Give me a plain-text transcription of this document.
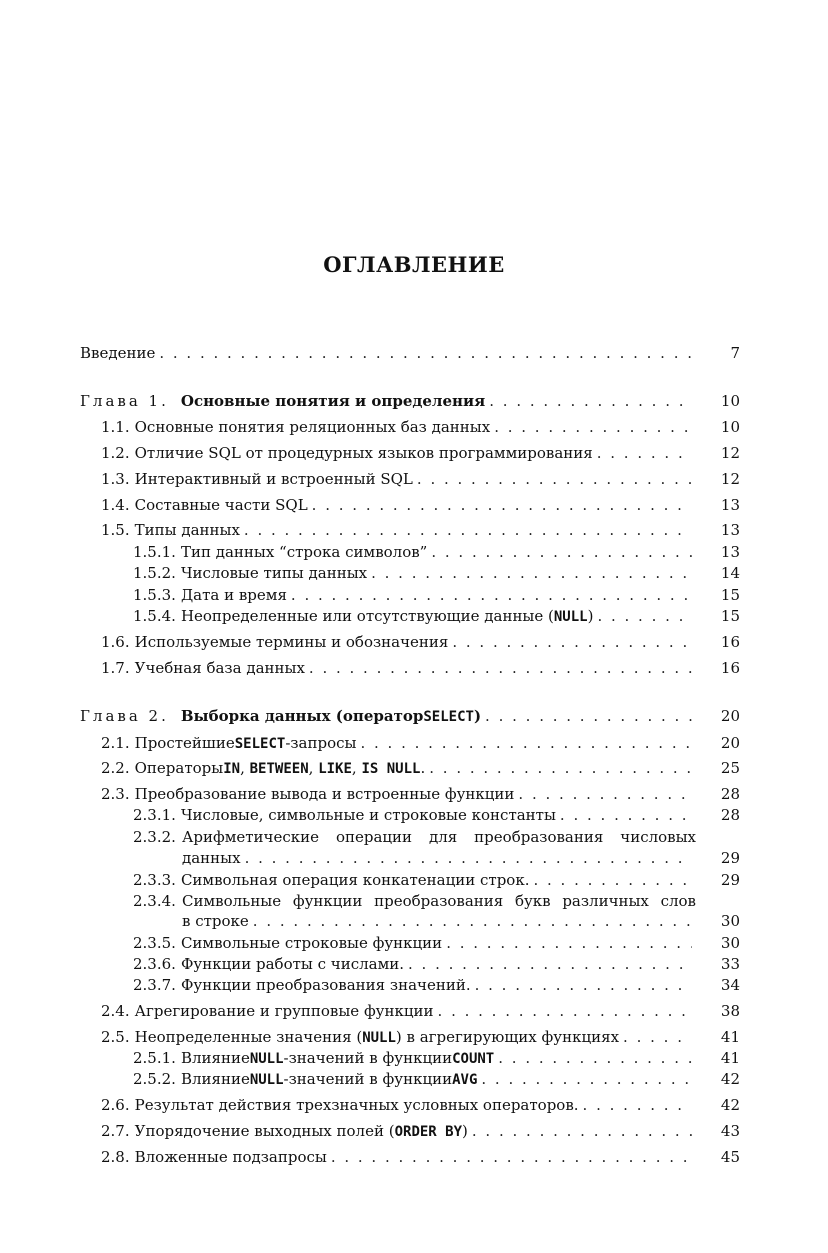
ОГЛАВЛЕНИЕ
Введение . . .	7
Глава 1. Основные понятия и определения . . .	10
1.1. Основные понятия реляционных баз данных . . .	10
1.2. Отличие SQL от процедурных языков программирования . . .	12
1.3. Интерактивный и встроенный SQL . . .	12
1.4. Составные части SQL . . .	13
1.5. Типы данных . . .	13
1.5.1. Тип данных “строка символов” . . .	13
1.5.2. Числовые типы данных . . .	14
1.5.3. Дата и время . . .	15
1.5.4. Неопределенные или отсутствующие данные ( NULL ) . . .	15
1.6. Используемые термины и обозначения . . .	16
1.7. Учебная база данных . . .	16
Глава 2. Выборка данных (оператор SELECT ) . . .	20
2.1. Простейшие SELECT -запросы . . .	20
2.2. Операторы IN , BETWEEN , LIKE , IS NULL . . . .	25
2.3. Преобразование вывода и встроенные функции . . .	28
2.3.1. Числовые, символьные и строковые константы . . .	28
2.3.2. Арифметические операции для преобразования числовых
данных . . .	29
2.3.3. Символьная операция конкатенации строк. . . .	29
2.3.4. Символьные функции преобразования букв различных слов
в строке . . .	30
2.3.5. Символьные строковые функции . . .	30
2.3.6. Функции работы с числами. . . .	33
2.3.7. Функции преобразования значений. . . .	34
2.4. Агрегирование и групповые функции . . .	38
2.5. Неопределенные значения ( NULL ) в агрегирующих функциях . . .	41
2.5.1. Влияние NULL -значений в функции COUNT . . .	41
2.5.2. Влияние NULL -значений в функции AVG . . .	42
2.6. Результат действия трехзначных условных операторов. . . .	42
2.7. Упорядочение выходных полей ( ORDER BY ) . . .	43
2.8. Вложенные подзапросы . . .	45
